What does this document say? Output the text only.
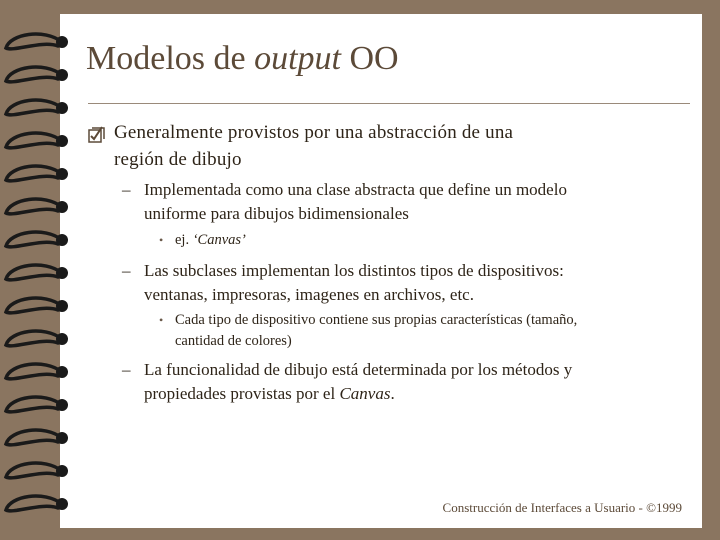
Modelos de output OO
Generalmente provistos por una abstracción de una
región de dibujo
– Implementada como una clase abstracta que define un modelo
uniforme para dibujos bidimensionales
• ej. ‘Canvas’
– Las subclases implementan los distintos tipos de dispositivos:
ventanas, impresoras, imagenes en archivos, etc.
• Cada tipo de dispositivo contiene sus propias características (tamaño,
cantidad de colores)
– La funcionalidad de dibujo está determinada por los métodos y
propiedades provistas por el Canvas.
Construcción de Interfaces a Usuario - ©1999
